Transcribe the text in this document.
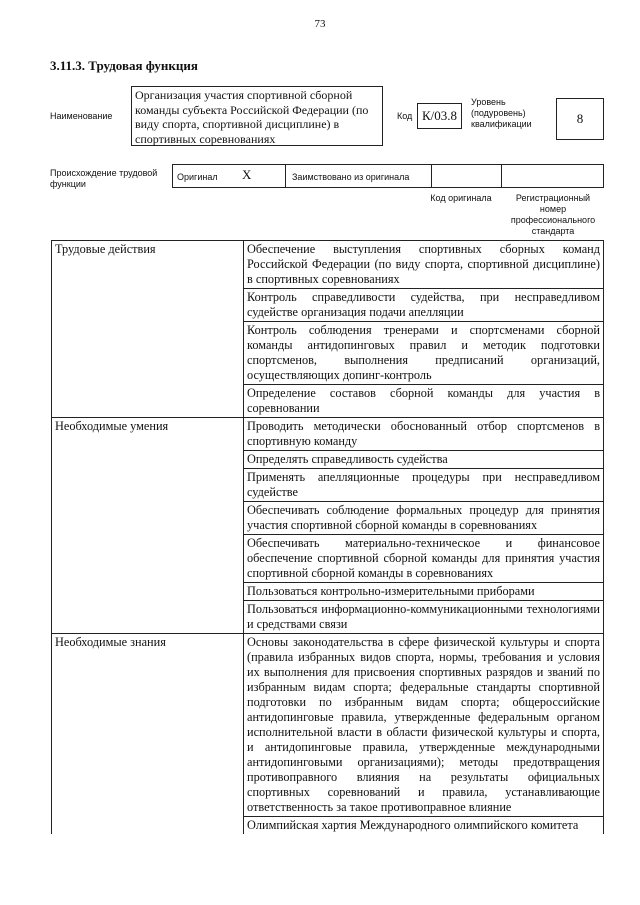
73
3.11.3. Трудовая функция
Наименование
Организация участия спортивной сборной команды субъекта Российской Федерации (по виду спорта, спортивной дисциплине) в спортивных соревнованиях
Код К/03.8
Уровень (подуровень) квалификации	8
Происхождение трудовой функции
Оригинал X	Заимствовано из оригинала
Код оригинала	Регистрационный номер профессионального стандарта
Трудовые действия	Обеспечение выступления спортивных сборных команд Российской Федерации (по виду спорта, спортивной дисциплине) в спортивных соревнованиях
	Контроль справедливости судейства, при несправедливом судействе организация подачи апелляции
	Контроль соблюдения тренерами и спортсменами сборной команды антидопинговых правил и методик подготовки спортсменов, выполнения предписаний организаций, осуществляющих допинг-контроль
	Определение составов сборной команды для участия в соревновании
Необходимые умения	Проводить методически обоснованный отбор спортсменов в спортивную команду
	Определять справедливость судейства
	Применять апелляционные процедуры при несправедливом судействе
	Обеспечивать соблюдение формальных процедур для принятия участия спортивной сборной команды в соревнованиях
	Обеспечивать материально-техническое и финансовое обеспечение спортивной сборной команды для принятия участия спортивной сборной команды в соревнованиях
	Пользоваться контрольно-измерительными приборами
	Пользоваться информационно-коммуникационными технологиями и средствами связи
Необходимые знания	Основы законодательства в сфере физической культуры и спорта (правила избранных видов спорта, нормы, требования и условия их выполнения для присвоения спортивных разрядов и званий по избранным видам спорта; федеральные стандарты спортивной подготовки по избранным видам спорта; общероссийские антидопинговые правила, утвержденные федеральным органом исполнительной власти в области физической культуры и спорта, и антидопинговые правила, утвержденные международными антидопинговыми организациями); методы предотвращения противоправного влияния на результаты официальных спортивных соревнований и правила, устанавливающие ответственность за такое противоправное влияние
	Олимпийская хартия Международного олимпийского комитета
